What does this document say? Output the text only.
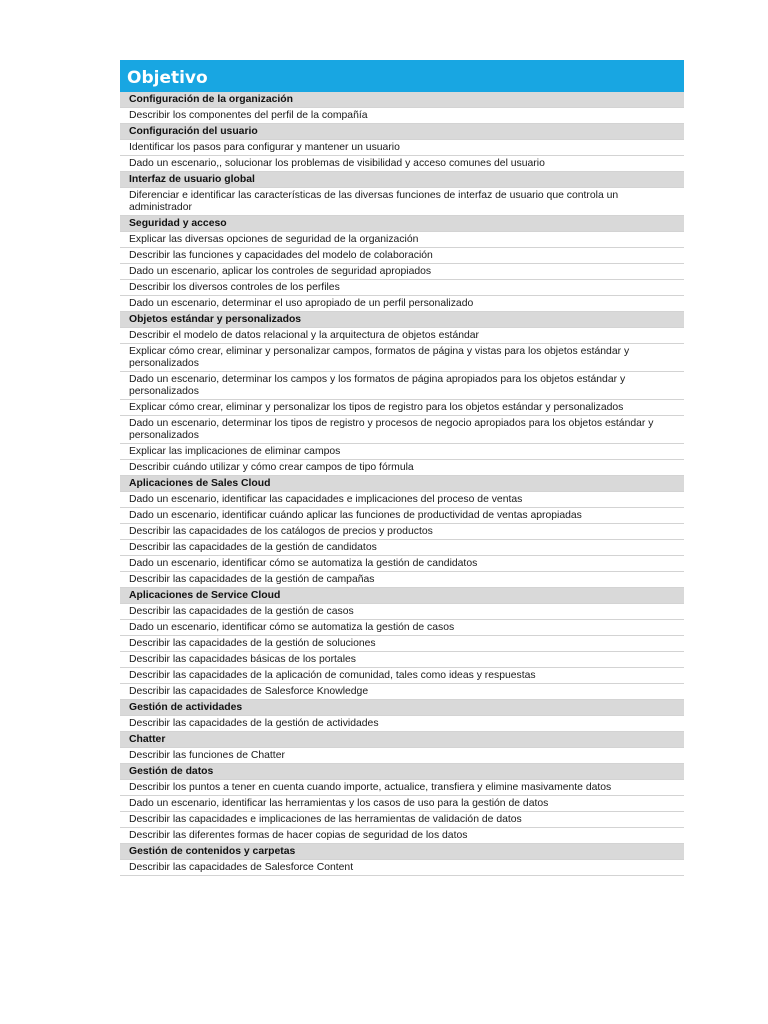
Objetivo
Configuración de la organización
Describir los componentes del perfil de la compañía
Configuración del usuario
Identificar los pasos para configurar y mantener un usuario
Dado un escenario,, solucionar los problemas de visibilidad y acceso comunes del usuario
Interfaz de usuario global
Diferenciar e identificar las características de las diversas funciones de interfaz de usuario que controla un administrador
Seguridad y acceso
Explicar las diversas opciones de seguridad de la organización
Describir las funciones y capacidades del modelo de colaboración
Dado un escenario, aplicar los controles de seguridad apropiados
Describir los diversos controles de los perfiles
Dado un escenario, determinar el uso apropiado de un perfil personalizado
Objetos estándar y personalizados
Describir el modelo de datos relacional y la arquitectura de objetos estándar
Explicar cómo crear, eliminar y personalizar campos, formatos de página y vistas para los objetos estándar y personalizados
Dado un escenario, determinar los campos y los formatos de página apropiados para los objetos estándar y personalizados
Explicar cómo crear, eliminar y personalizar los tipos de registro para los objetos estándar y personalizados
Dado un escenario, determinar los tipos de registro y procesos de negocio apropiados para los objetos estándar y personalizados
Explicar las implicaciones de eliminar campos
Describir cuándo utilizar y cómo crear campos de tipo fórmula
Aplicaciones de Sales Cloud
Dado un escenario, identificar las capacidades e implicaciones del proceso de ventas
Dado un escenario, identificar cuándo aplicar las funciones de productividad de ventas apropiadas
Describir las capacidades de los catálogos de precios y productos
Describir las capacidades de la gestión de candidatos
Dado un escenario, identificar cómo se automatiza la gestión de candidatos
Describir las capacidades de la gestión de campañas
Aplicaciones de Service Cloud
Describir las capacidades de la gestión de casos
Dado un escenario, identificar cómo se automatiza la gestión de casos
Describir las capacidades de la gestión de soluciones
Describir las capacidades básicas de los portales
Describir las capacidades de la aplicación de comunidad, tales como ideas y respuestas
Describir las capacidades de Salesforce Knowledge
Gestión de actividades
Describir las capacidades de la gestión de actividades
Chatter
Describir las funciones de Chatter
Gestión de datos
Describir los puntos a tener en cuenta cuando importe, actualice, transfiera y elimine masivamente datos
Dado un escenario, identificar las herramientas y los casos de uso para la gestión de datos
Describir las capacidades e implicaciones de las herramientas de validación de datos
Describir las diferentes formas de hacer copias de seguridad de los datos
Gestión de contenidos y carpetas
Describir las capacidades de Salesforce Content
